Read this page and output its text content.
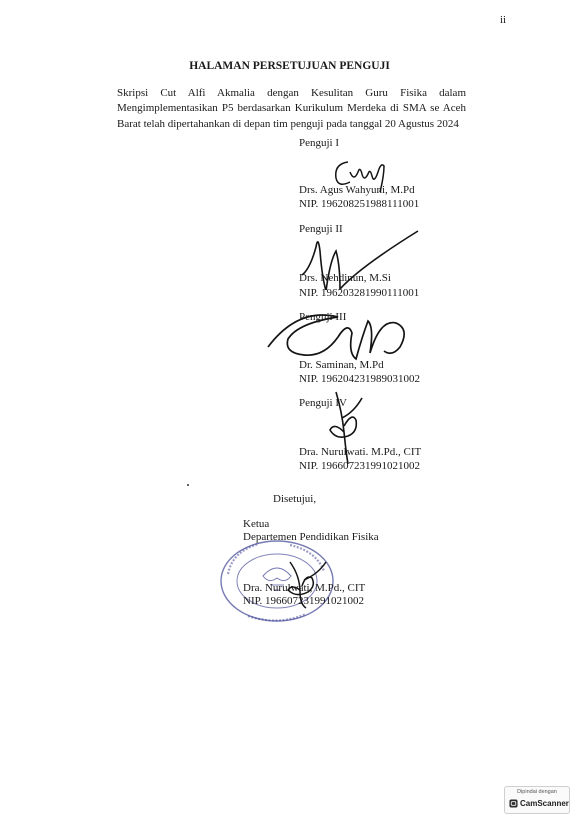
ii
HALAMAN PERSETUJUAN PENGUJI
Skripsi Cut Alfi Akmalia dengan Kesulitan Guru Fisika dalam
Mengimplementasikan P5 berdasarkan Kurikulum Merdeka di SMA se Aceh
Barat telah dipertahankan di depan tim penguji pada tanggal 20 Agustus 2024
Penguji I
Drs. Agus Wahyuni, M.Pd
NIP. 196208251988111001
Penguji II
Drs. Nehdinun, M.Si
NIP. 196203281990111001
Penguji III
Dr. Saminan, M.Pd
NIP. 196204231989031002
Penguji IV
Dra. Nurulwati. M.Pd., CIT
NIP. 196607231991021002
Disetujui,
Ketua
Departemen Pendidikan Fisika
Dra. Nurulwati, M.Pd., CIT
NIP. 196607231991021002
Dipindai dengan
CamScanner
